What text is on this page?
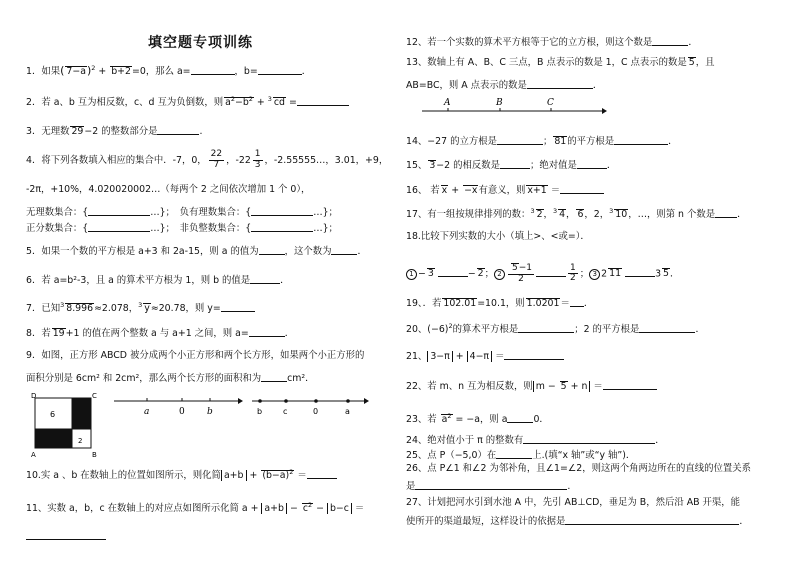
填空题专项训练
1．如果( 7−a)$^2$ + b+2=0，那么 a=	，b=	．
2．若 a、b 互为相反数，c、d 互为负倒数，则 $a^2-b^2 + ^3$ cd =
3．无理数 29−2 的整数部分是	.
4．将下列各数填入相应的集合中．-7，0， $\frac{22}{7}$ ，$-22 \frac{1}{3}$ ，-2.55555…，3.01，+9，
-2π，+10%，4.020020002…（每两个 2 之间依次增加 1 个 0），
无理数集合：{	…}；　负有理数集合：{	…}；
正分数集合：{	…}；　非负整数集合：{	…}；
5．如果一个数的平方根是 a+3 和 2a-15，则 a 的值为	，这个数为	．
6．若 a=b²-3，且 a 的算术平方根为 1，则 b 的值是	．
7．已知$^3$ 8.996≈2.078，$^3$ y≈20.78，则 y=
8．若 19+1 的值在两个整数 a 与 a+1 之间，则 a=	．
9．如图，正方形 ABCD 被分成两个小正方形和两个长方形，如果两个小正方形的
面积分别是 6cm² 和 2cm²，那么两个长方形的面积和为	cm²．
D	C
A	B
6
2
a	0 b	b	c	0	a
10.实 a 、b 在数轴上的位置如图所示，则化简 $a+b + (b-a)^2$ ＝
11、实数 a，b，c 在数轴上的对应点如图所示化简 $a + a+b - c^2 - b-c$ ＝
12、若一个实数的算术平方根等于它的立方根，则这个数是	．
13、数轴上有 A、B、C 三点，B 点表示的数是 1，C 点表示的数是 5，且
AB=BC，则 A 点表示的数是	．
A	B	C
14、−27 的立方根是	； 81的平方根是	．
15、 3−2 的相反数是	；绝对值是	．
16、 若 x + −x有意义，则 x+1 ＝
17、有一组按规律排列的数：$^3$ 2，$^3$ 4， 6，2，$^3$ 10，…，则第 n 个数是 ．
18.比较下列实数的大小（填上>、<或=）．
1 − 3	− 2； $2 \frac{5-1}{2}$	$\frac{1}{2}$ ； 3 2 11	3 5．
19、．若 102.01=10.1，则 1.0201＝ ．
20、$(-6)^2$的算术平方根是	；2 的平方根是	．
21、 3−π + 4−π ＝
22、若 m、n 互为相反数，则 m − 5 + n ＝
23、若 $a^2 = -a$，则 a	0．
24、绝对值小于 π 的整数有	．
25、点 P（−5,0）在	上.(填“x 轴”或“y 轴”)．
26、点 P∠1 和∠2 为邻补角，且∠1=∠2，则这两个角两边所在的直线的位置关系
是	.
27、计划把河水引到水池 A 中，先引 AB⊥CD，垂足为 B，然后沿 AB 开渠，能
使所开的渠道最短，这样设计的依据是	．
